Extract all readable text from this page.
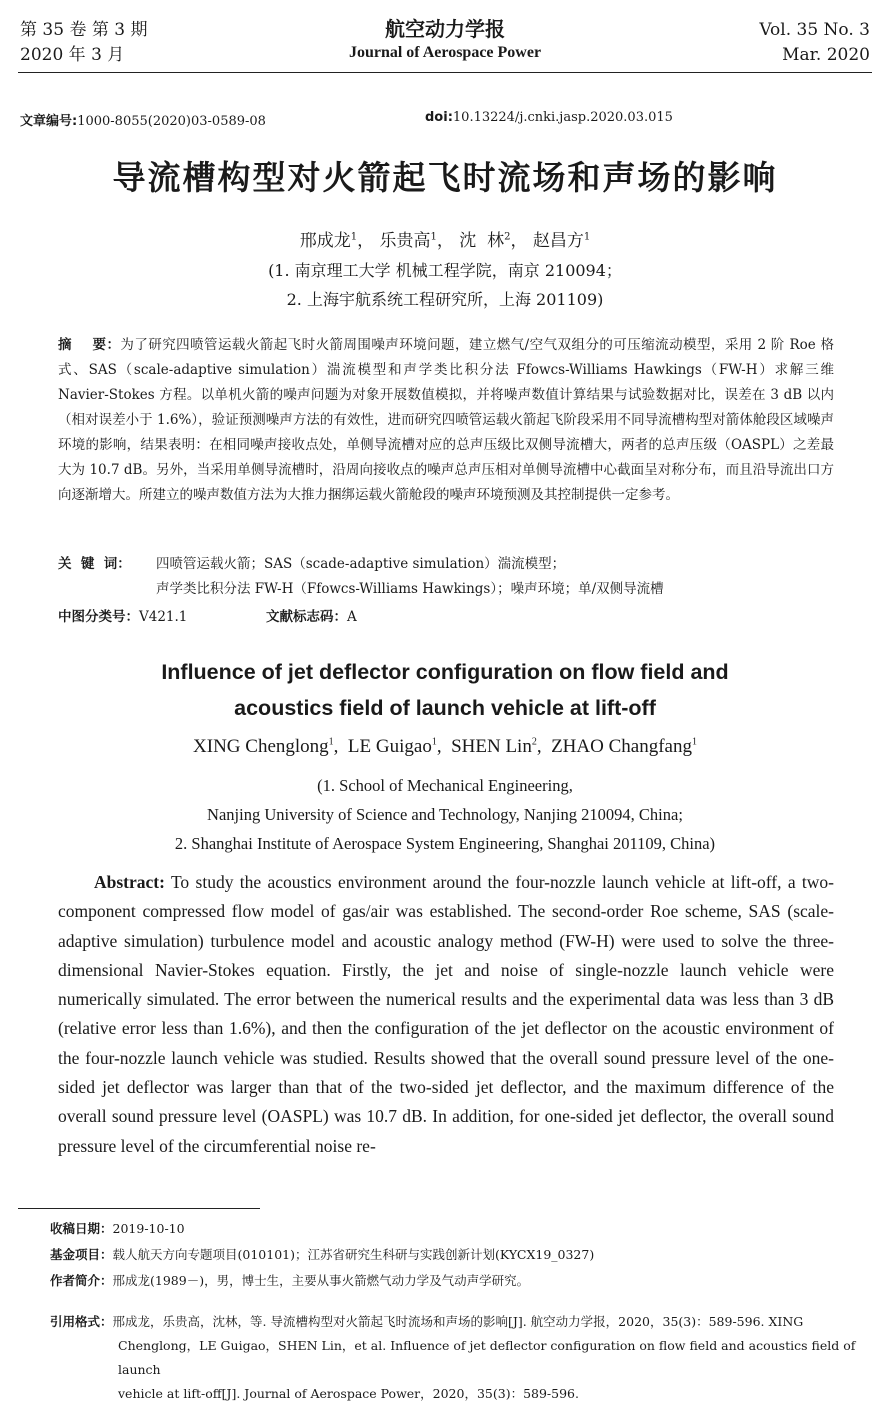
第 35 卷 第 3 期
2020 年 3 月
航空动力学报
Journal of Aerospace Power
Vol. 35 No. 3
Mar. 2020
文章编号:1000-8055(2020)03-0589-08	doi:10.13224/j.cnki.jasp.2020.03.015
导流槽构型对火箭起飞时流场和声场的影响
邢成龙$^1$， 乐贵高$^1$， 沈  林$^2$， 赵昌方$^1$
(1. 南京理工大学 机械工程学院，南京 210094；
2. 上海宇航系统工程研究所，上海 201109)
摘    要：为了研究四喷管运载火箭起飞时火箭周围噪声环境问题，建立燃气/空气双组分的可压缩流动模型，采用 2 阶 Roe 格式、SAS（scale-adaptive simulation）湍流模型和声学类比积分法 Ffowcs-Williams Hawkings（FW-H）求解三维 Navier-Stokes 方程。以单机火箭的噪声问题为对象开展数值模拟，并将噪声数值计算结果与试验数据对比，误差在 3 dB 以内（相对误差小于 1.6%），验证预测噪声方法的有效性，进而研究四喷管运载火箭起飞阶段采用不同导流槽构型对箭体舱段区域噪声环境的影响，结果表明：在相同噪声接收点处，单侧导流槽对应的总声压级比双侧导流槽大，两者的总声压级（OASPL）之差最大为 10.7 dB。另外，当采用单侧导流槽时，沿周向接收点的噪声总声压相对单侧导流槽中心截面呈对称分布，而且沿导流出口方向逐渐增大。所建立的噪声数值方法为大推力捆绑运载火箭舱段的噪声环境预测及其控制提供一定参考。
关  键  词： 四喷管运载火箭；SAS（scade-adaptive simulation）湍流模型；
声学类比积分法 FW-H（Ffowcs-Williams Hawkings）；噪声环境；单/双侧导流槽
中图分类号：V421.1	文献标志码：A
Influence of jet deflector configuration on flow field and
acoustics field of launch vehicle at lift-off
XING Chenglong$^1$,  LE Guigao$^1$,  SHEN Lin$^2$,  ZHAO Changfang$^1$
(1. School of Mechanical Engineering,
Nanjing University of Science and Technology, Nanjing 210094, China;
2. Shanghai Institute of Aerospace System Engineering, Shanghai 201109, China)
Abstract: To study the acoustics environment around the four-nozzle launch vehicle at lift-off, a two-component compressed flow model of gas/air was established. The second-order Roe scheme, SAS (scale-adaptive simulation) turbulence model and acoustic analogy method (FW-H) were used to solve the three-dimensional Navier-Stokes equation. Firstly, the jet and noise of single-nozzle launch vehicle were numerically simulated. The error between the numerical results and the experimental data was less than 3 dB (relative error less than 1.6%), and then the configuration of the jet deflector on the acoustic environment of the four-nozzle launch vehicle was studied. Results showed that the overall sound pressure level of the one-sided jet deflector was larger than that of the two-sided jet deflector, and the maximum difference of the overall sound pressure level (OASPL) was 10.7 dB. In addition, for one-sided jet deflector, the overall sound pressure level of the circumferential noise re-
收稿日期：2019-10-10
基金项目：载人航天方向专题项目(010101)；江苏省研究生科研与实践创新计划(KYCX19_0327)
作者简介：邢成龙(1989－)，男，博士生，主要从事火箭燃气动力学及气动声学研究。
引用格式：邢成龙，乐贵高，沈林，等. 导流槽构型对火箭起飞时流场和声场的影响[J]. 航空动力学报，2020，35(3)：589-596. XING
Chenglong，LE Guigao，SHEN Lin，et al. Influence of jet deflector configuration on flow field and acoustics field of launch
vehicle at lift-off[J]. Journal of Aerospace Power，2020，35(3)：589-596.
